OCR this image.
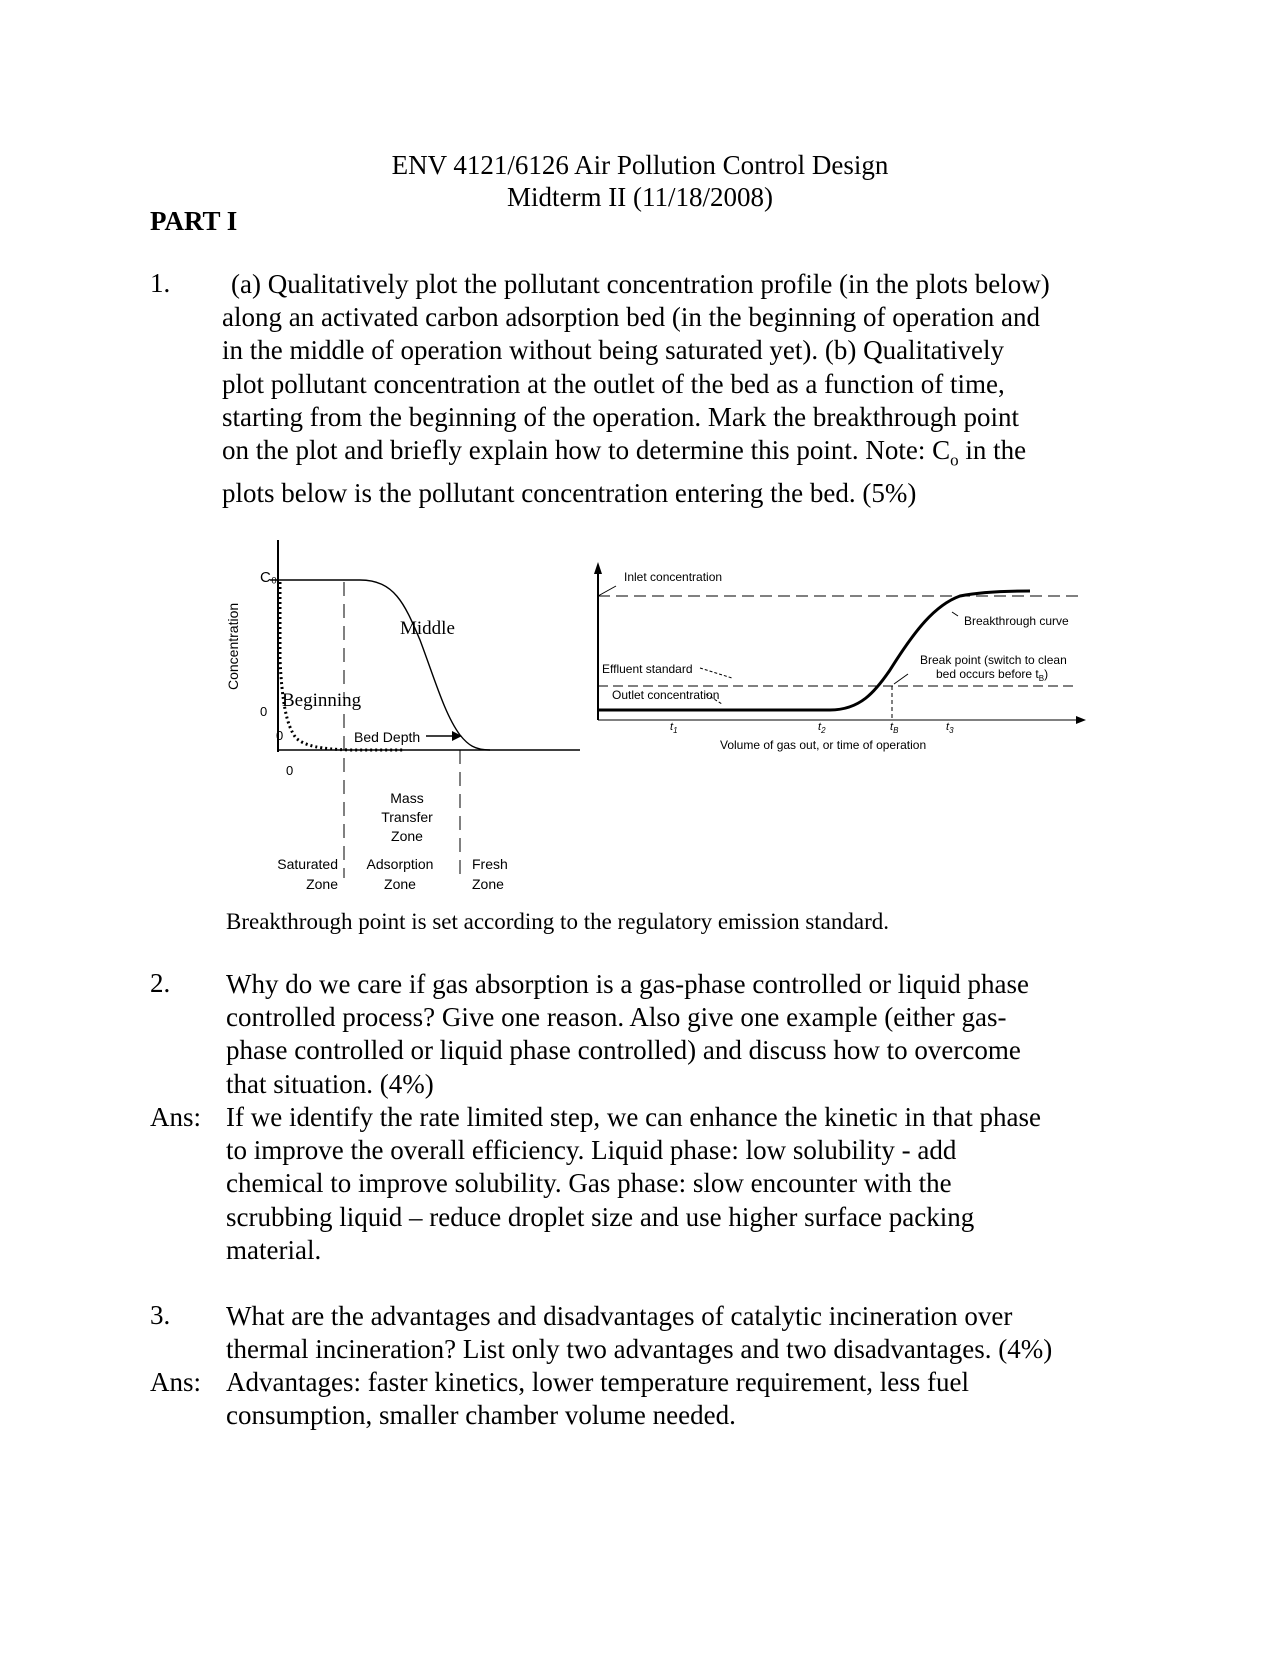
ENV 4121/6126 Air Pollution Control Design
Midterm II (11/18/2008)
PART I
1.	(a) Qualitatively plot the pollutant concentration profile (in the plots below)
along an activated carbon adsorption bed (in the beginning of operation and
in the middle of operation without being saturated yet). (b) Qualitatively
plot pollutant concentration at the outlet of the bed as a function of time,
starting from the beginning of the operation. Mark the breakthrough point
on the plot and briefly explain how to determine this point. Note: $C_o$ in the
plots below is the pollutant concentration entering the bed. (5%)
Concentration
C₀
0
0
0
Middle
Beginning
Bed Depth
Mass
Transfer
Zone
Saturated
Zone
Adsorption
Zone
Fresh
Zone
Breakthrough curve
Break point (switch to clean
bed occurs before $t_B$)
Effluent standard
Outlet concentration
$t_1$	$t_2$	$t_B$	$t_3$
Volume of gas out, or time of operation
Inlet concentration
Breakthrough point is set according to the regulatory emission standard.
2. Why do we care if gas absorption is a gas-phase controlled or liquid phase
controlled process? Give one reason. Also give one example (either gas-
phase controlled or liquid phase controlled) and discuss how to overcome
that situation. (4%)
Ans: If we identify the rate limited step, we can enhance the kinetic in that phase
to improve the overall efficiency. Liquid phase: low solubility - add
chemical to improve solubility. Gas phase: slow encounter with the
scrubbing liquid – reduce droplet size and use higher surface packing
material.
3. What are the advantages and disadvantages of catalytic incineration over
thermal incineration? List only two advantages and two disadvantages. (4%)
Ans: Advantages: faster kinetics, lower temperature requirement, less fuel
consumption, smaller chamber volume needed.
